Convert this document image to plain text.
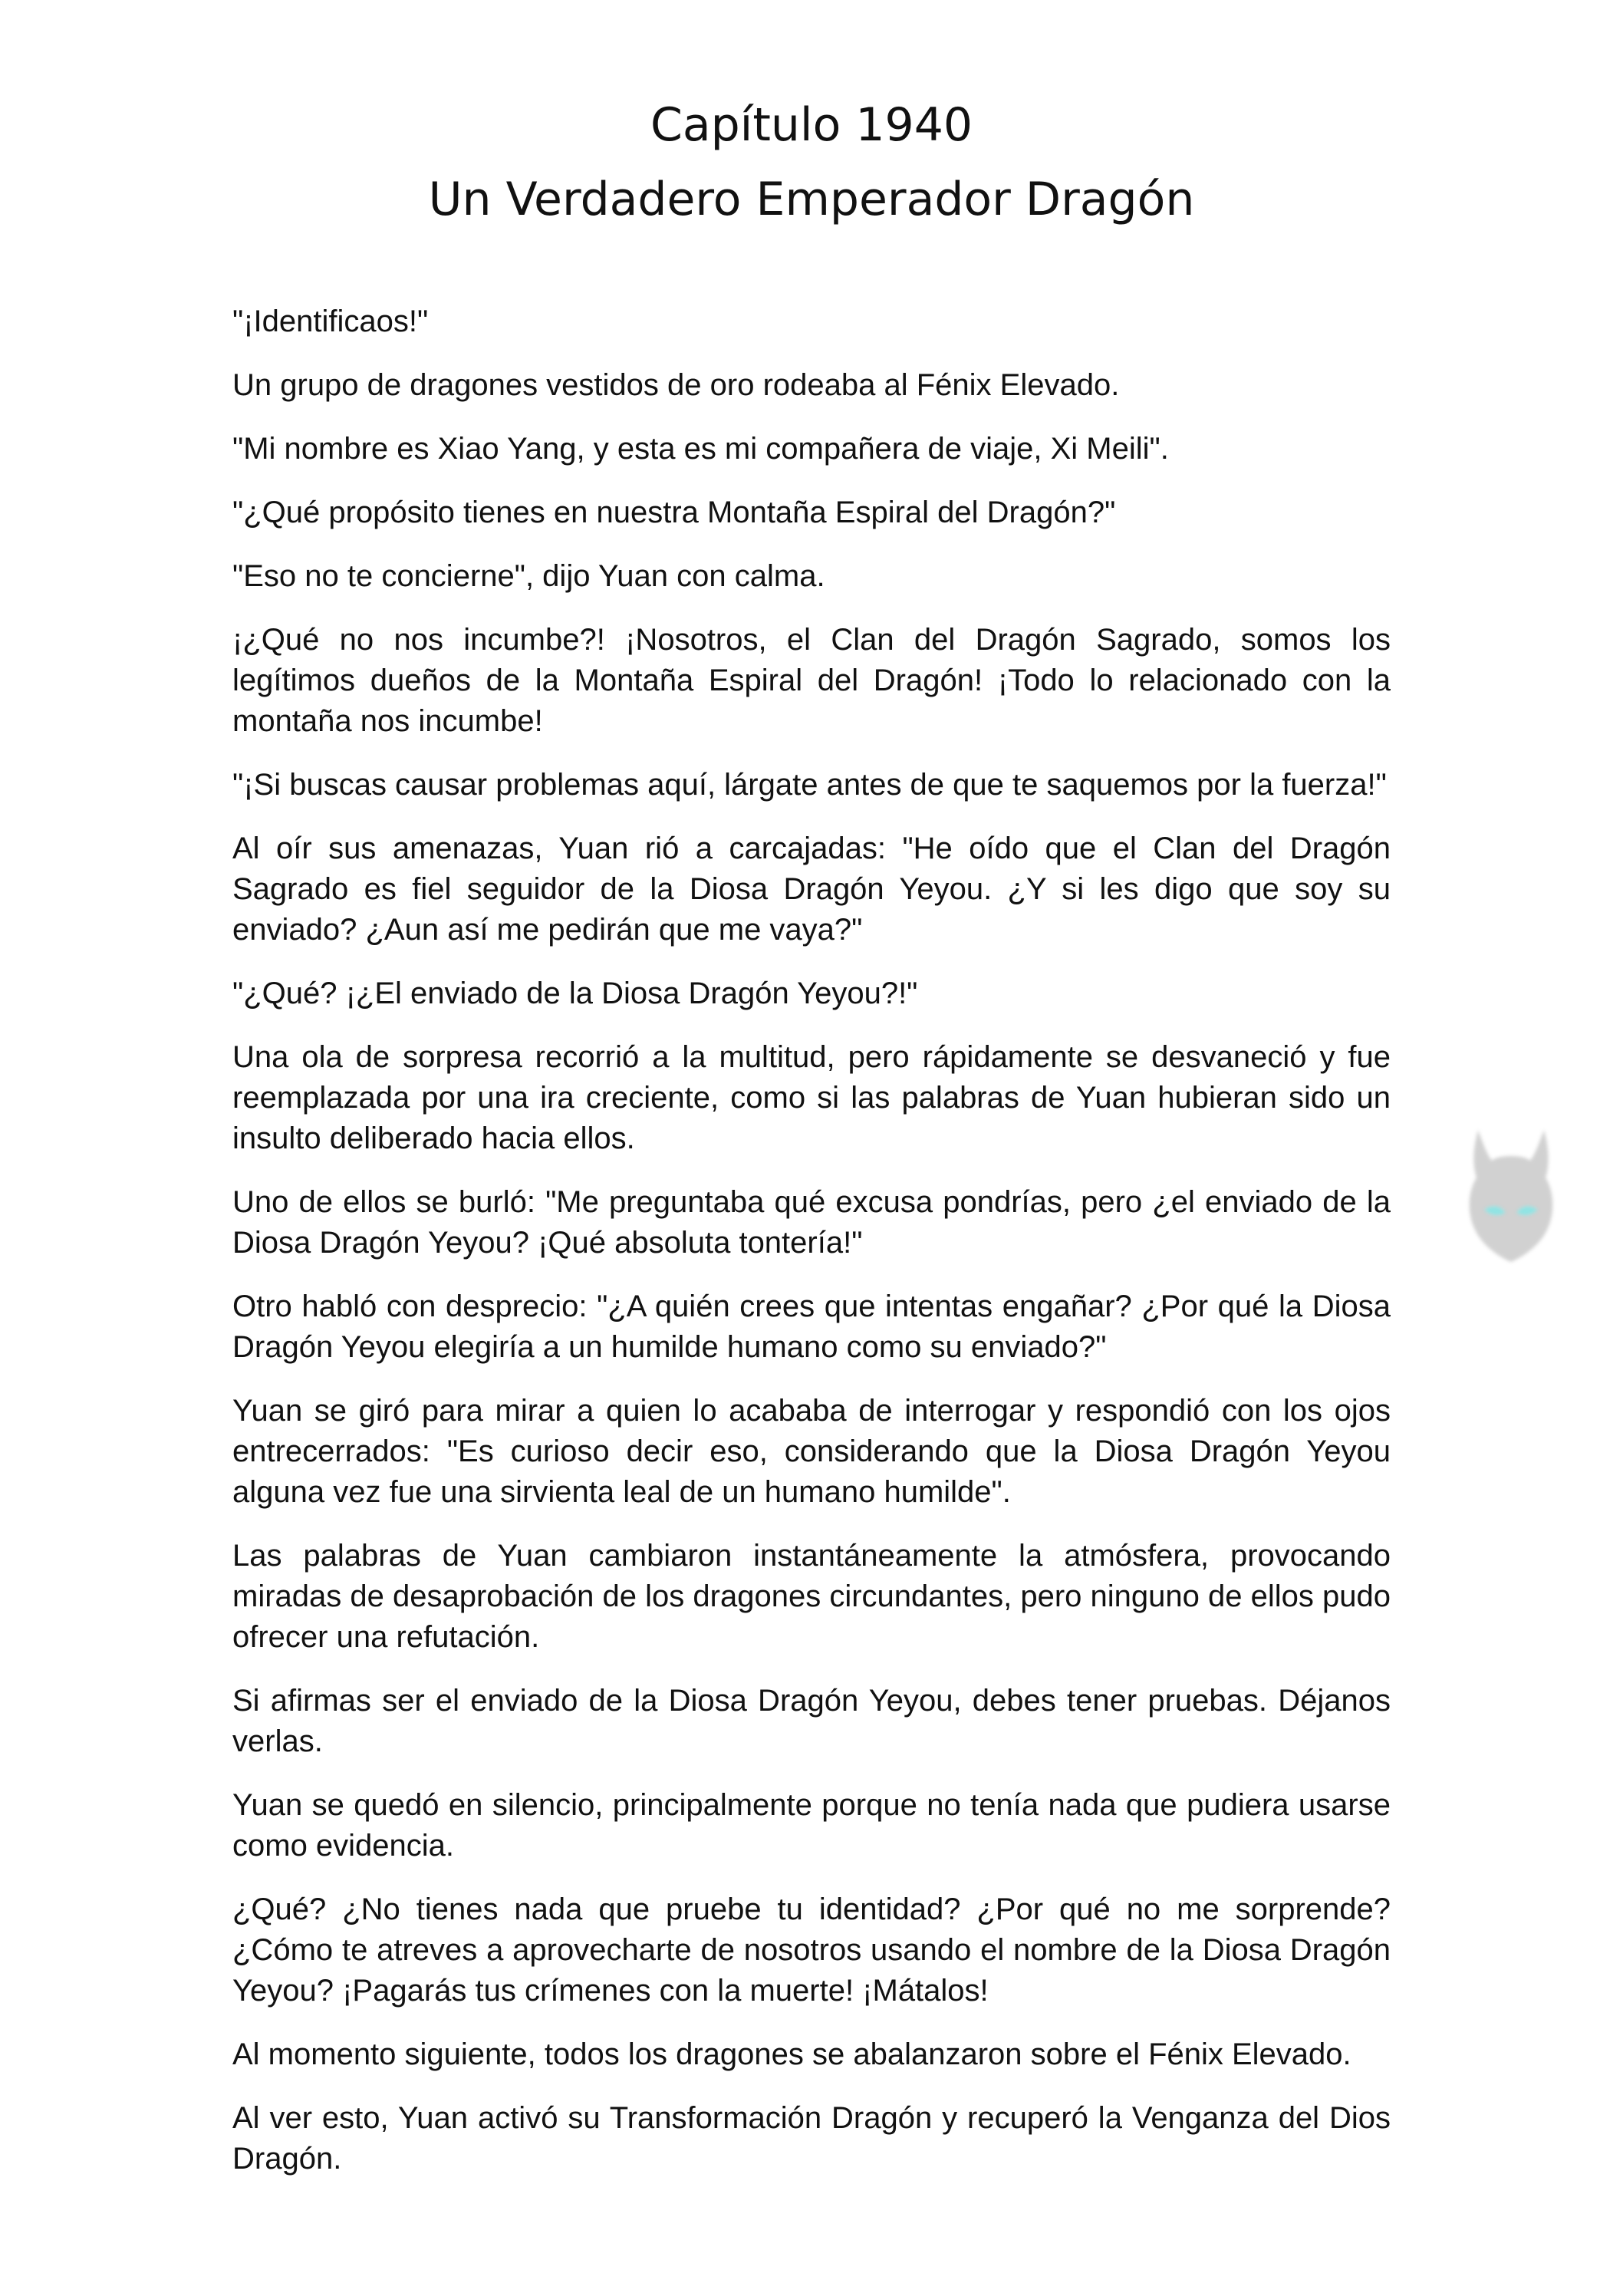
Capítulo 1940
Un Verdadero Emperador Dragón

"¡Identificaos!"

Un grupo de dragones vestidos de oro rodeaba al Fénix Elevado.

"Mi nombre es Xiao Yang, y esta es mi compañera de viaje, Xi Meili".

"¿Qué propósito tienes en nuestra Montaña Espiral del Dragón?"

"Eso no te concierne", dijo Yuan con calma.

¡¿Qué no nos incumbe?! ¡Nosotros, el Clan del Dragón Sagrado, somos los legítimos dueños de la Montaña Espiral del Dragón! ¡Todo lo relacionado con la montaña nos incumbe!

"¡Si buscas causar problemas aquí, lárgate antes de que te saquemos por la fuerza!"

Al oír sus amenazas, Yuan rió a carcajadas: "He oído que el Clan del Dragón Sagrado es fiel seguidor de la Diosa Dragón Yeyou. ¿Y si les digo que soy su enviado? ¿Aun así me pedirán que me vaya?"

"¿Qué? ¡¿El enviado de la Diosa Dragón Yeyou?!"

Una ola de sorpresa recorrió a la multitud, pero rápidamente se desvaneció y fue reemplazada por una ira creciente, como si las palabras de Yuan hubieran sido un insulto deliberado hacia ellos.

Uno de ellos se burló: "Me preguntaba qué excusa pondrías, pero ¿el enviado de la Diosa Dragón Yeyou? ¡Qué absoluta tontería!"

Otro habló con desprecio: "¿A quién crees que intentas engañar? ¿Por qué la Diosa Dragón Yeyou elegiría a un humilde humano como su enviado?"

Yuan se giró para mirar a quien lo acababa de interrogar y respondió con los ojos entrecerrados: "Es curioso decir eso, considerando que la Diosa Dragón Yeyou alguna vez fue una sirvienta leal de un humano humilde".

Las palabras de Yuan cambiaron instantáneamente la atmósfera, provocando miradas de desaprobación de los dragones circundantes, pero ninguno de ellos pudo ofrecer una refutación.

Si afirmas ser el enviado de la Diosa Dragón Yeyou, debes tener pruebas. Déjanos verlas.

Yuan se quedó en silencio, principalmente porque no tenía nada que pudiera usarse como evidencia.

¿Qué? ¿No tienes nada que pruebe tu identidad? ¿Por qué no me sorprende? ¿Cómo te atreves a aprovecharte de nosotros usando el nombre de la Diosa Dragón Yeyou? ¡Pagarás tus crímenes con la muerte! ¡Mátalos!

Al momento siguiente, todos los dragones se abalanzaron sobre el Fénix Elevado.

Al ver esto, Yuan activó su Transformación Dragón y recuperó la Venganza del Dios Dragón.
